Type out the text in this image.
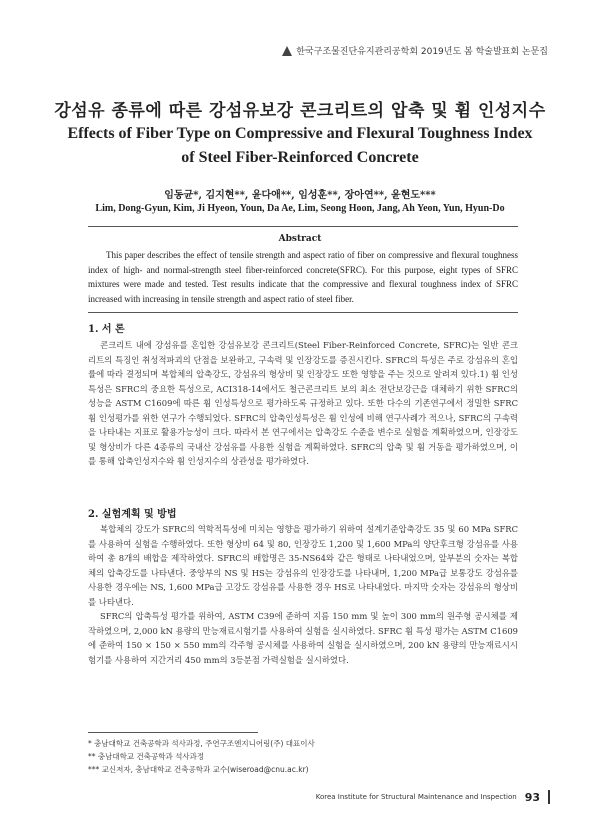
한국구조물진단유지관리공학회 2019년도 봄 학술발표회 논문집
강섬유 종류에 따른 강섬유보강 콘크리트의 압축 및 휨 인성지수
Effects of Fiber Type on Compressive and Flexural Toughness Index
of Steel Fiber-Reinforced Concrete
임동균*, 김지현**, 윤다애**, 임성훈**, 장아연**, 윤현도***
Lim, Dong-Gyun, Kim, Ji Hyeon, Youn, Da Ae, Lim, Seong Hoon, Jang, Ah Yeon, Yun, Hyun-Do
Abstract
This paper describes the effect of tensile strength and aspect ratio of fiber on compressive and flexural toughness index of high- and normal-strength steel fiber-reinforced concrete(SFRC). For this purpose, eight types of SFRC mixtures were made and tested. Test results indicate that the compressive and flexural toughness index of SFRC increased with increasing in tensile strength and aspect ratio of steel fiber.
1. 서 론

콘크리트 내에 강섬유를 혼입한 강섬유보강 콘크리트(Steel Fiber-Reinforced Concrete, SFRC)는 일반 콘크리트의 특징인 취성적파괴의 단점을 보완하고, 구속력 및 인장강도를 증진시킨다. SFRC의 특성은 주로 강섬유의 혼입률에 따라 결정되며 복합체의 압축강도, 강섬유의 형상비 및 인장강도 또한 영향을 주는 것으로 알려져 있다.1) 휨 인성특성은 SFRC의 중요한 특성으로, ACI318-14에서도 철근콘크리트 보의 최소 전단보강근을 대체하기 위한 SFRC의 성능을 ASTM C1609에 따른 휨 인성특성으로 평가하도록 규정하고 있다. 또한 다수의 기존연구에서 정밀한 SFRC 휨 인성평가를 위한 연구가 수행되었다. SFRC의 압축인성특성은 휨 인성에 비해 연구사례가 적으나, SFRC의 구속력을 나타내는 지표로 활용가능성이 크다. 따라서 본 연구에서는 압축강도 수준을 변수로 실험을 계획하였으며, 인장강도 및 형상비가 다른 4종류의 국내산 강섬유를 사용한 실험을 계획하였다. SFRC의 압축 및 휨 거동을 평가하였으며, 이를 통해 압축인성지수와 휨 인성지수의 상관성을 평가하였다.

2. 실험계획 및 방법

복합체의 강도가 SFRC의 역학적특성에 미치는 영향을 평가하기 위하여 설계기준압축강도 35 및 60 MPa SFRC를 사용하여 실험을 수행하였다. 또한 형상비 64 및 80, 인장강도 1,200 및 1,600 MPa의 양단후크형 강섬유를 사용하여 총 8개의 배합을 제작하였다. SFRC의 배합명은 35-NS64와 같은 형태로 나타내었으며, 앞부분의 숫자는 복합체의 압축강도를 나타낸다. 중앙부의 NS 및 HS는 강섬유의 인장강도를 나타내며, 1,200 MPa급 보통강도 강섬유를 사용한 경우에는 NS, 1,600 MPa급 고강도 강섬유를 사용한 경우 HS로 나타내었다. 마지막 숫자는 강섬유의 형상비를 나타낸다.

SFRC의 압축특성 평가를 위하여, ASTM C39에 준하여 지름 150 mm 및 높이 300 mm의 원주형 공시체를 제작하였으며, 2,000 kN 용량의 만능재료시험기를 사용하여 실험을 실시하였다. SFRC 휨 특성 평가는 ASTM C1609에 준하여 150 × 150 × 550 mm의 각주형 공시체를 사용하여 실험을 실시하였으며, 200 kN 용량의 만능재료시시험기를 사용하여 지간거리 450 mm의 3등분점 가력실험을 실시하였다.

* 충남대학교 건축공학과 석사과정, 주연구조엔지니어링(주) 대표이사
** 충남대학교 건축공학과 석사과정
*** 교신저자, 충남대학교 건축공학과 교수(wiseroad@cnu.ac.kr)
Korea Institute for Structural Maintenance and Inspection 93
